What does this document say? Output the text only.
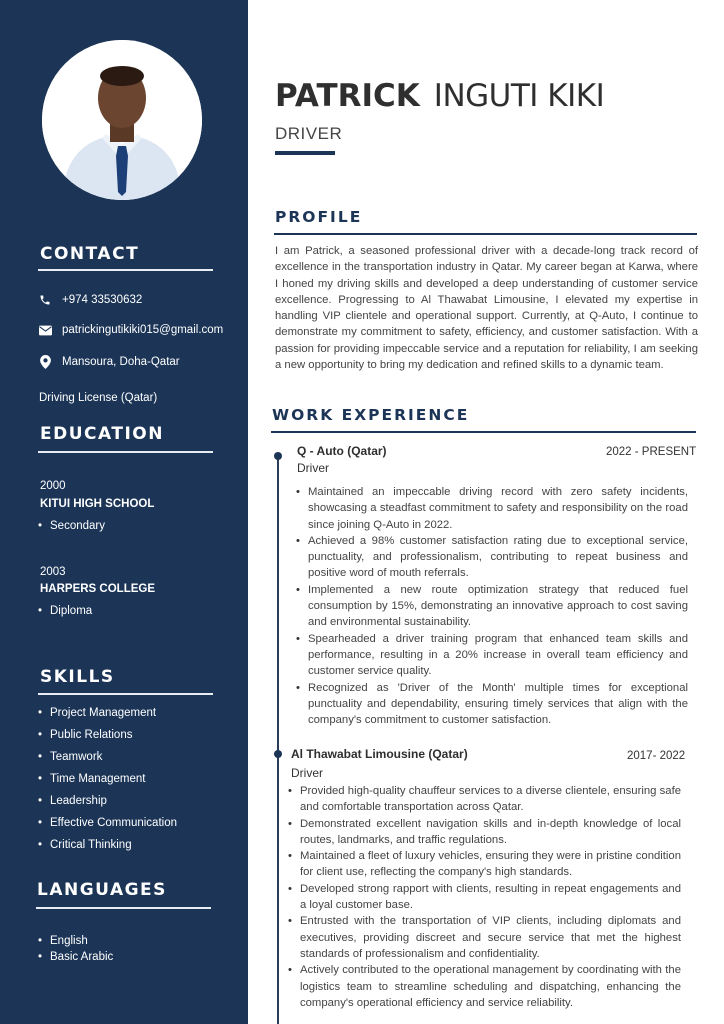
CONTACT
+974 33530632
patrickingutikiki015@gmail.com
Mansoura, Doha-Qatar
Driving License (Qatar)
EDUCATION
2000
KITUI HIGH SCHOOL
• Secondary
2003
HARPERS COLLEGE
• Diploma
SKILLS
• Project Management
• Public Relations
• Teamwork
• Time Management
• Leadership
• Effective Communication
• Critical Thinking
LANGUAGES
• English
• Basic Arabic
PATRICK INGUTI KIKI
DRIVER
PROFILE

I am Patrick, a seasoned professional driver with a decade-long track record of excellence in the transportation industry in Qatar. My career began at Karwa, where I honed my driving skills and developed a deep understanding of customer service excellence. Progressing to Al Thawabat Limousine, I elevated my expertise in handling VIP clientele and operational support. Currently, at Q-Auto, I continue to demonstrate my commitment to safety, efficiency, and customer satisfaction. With a passion for providing impeccable service and a reputation for reliability, I am seeking a new opportunity to bring my dedication and refined skills to a dynamic team.

WORK EXPERIENCE
Q - Auto (Qatar)	2022 - PRESENT
Driver
• Maintained an impeccable driving record with zero safety incidents, showcasing a steadfast commitment to safety and responsibility on the road since joining Q-Auto in 2022.
• Achieved a 98% customer satisfaction rating due to exceptional service, punctuality, and professionalism, contributing to repeat business and positive word of mouth referrals.
• Implemented a new route optimization strategy that reduced fuel consumption by 15%, demonstrating an innovative approach to cost saving and environmental sustainability.
• Spearheaded a driver training program that enhanced team skills and performance, resulting in a 20% increase in overall team efficiency and customer service quality.
• Recognized as 'Driver of the Month' multiple times for exceptional punctuality and dependability, ensuring timely services that align with the company's commitment to customer satisfaction.
Al Thawabat Limousine (Qatar)	2017- 2022
Driver
• Provided high-quality chauffeur services to a diverse clientele, ensuring safe and comfortable transportation across Qatar.
• Demonstrated excellent navigation skills and in-depth knowledge of local routes, landmarks, and traffic regulations.
• Maintained a fleet of luxury vehicles, ensuring they were in pristine condition for client use, reflecting the company's high standards.
• Developed strong rapport with clients, resulting in repeat engagements and a loyal customer base.
• Entrusted with the transportation of VIP clients, including diplomats and executives, providing discreet and secure service that met the highest standards of professionalism and confidentiality.
• Actively contributed to the operational management by coordinating with the logistics team to streamline scheduling and dispatching, enhancing the company's operational efficiency and service reliability.
